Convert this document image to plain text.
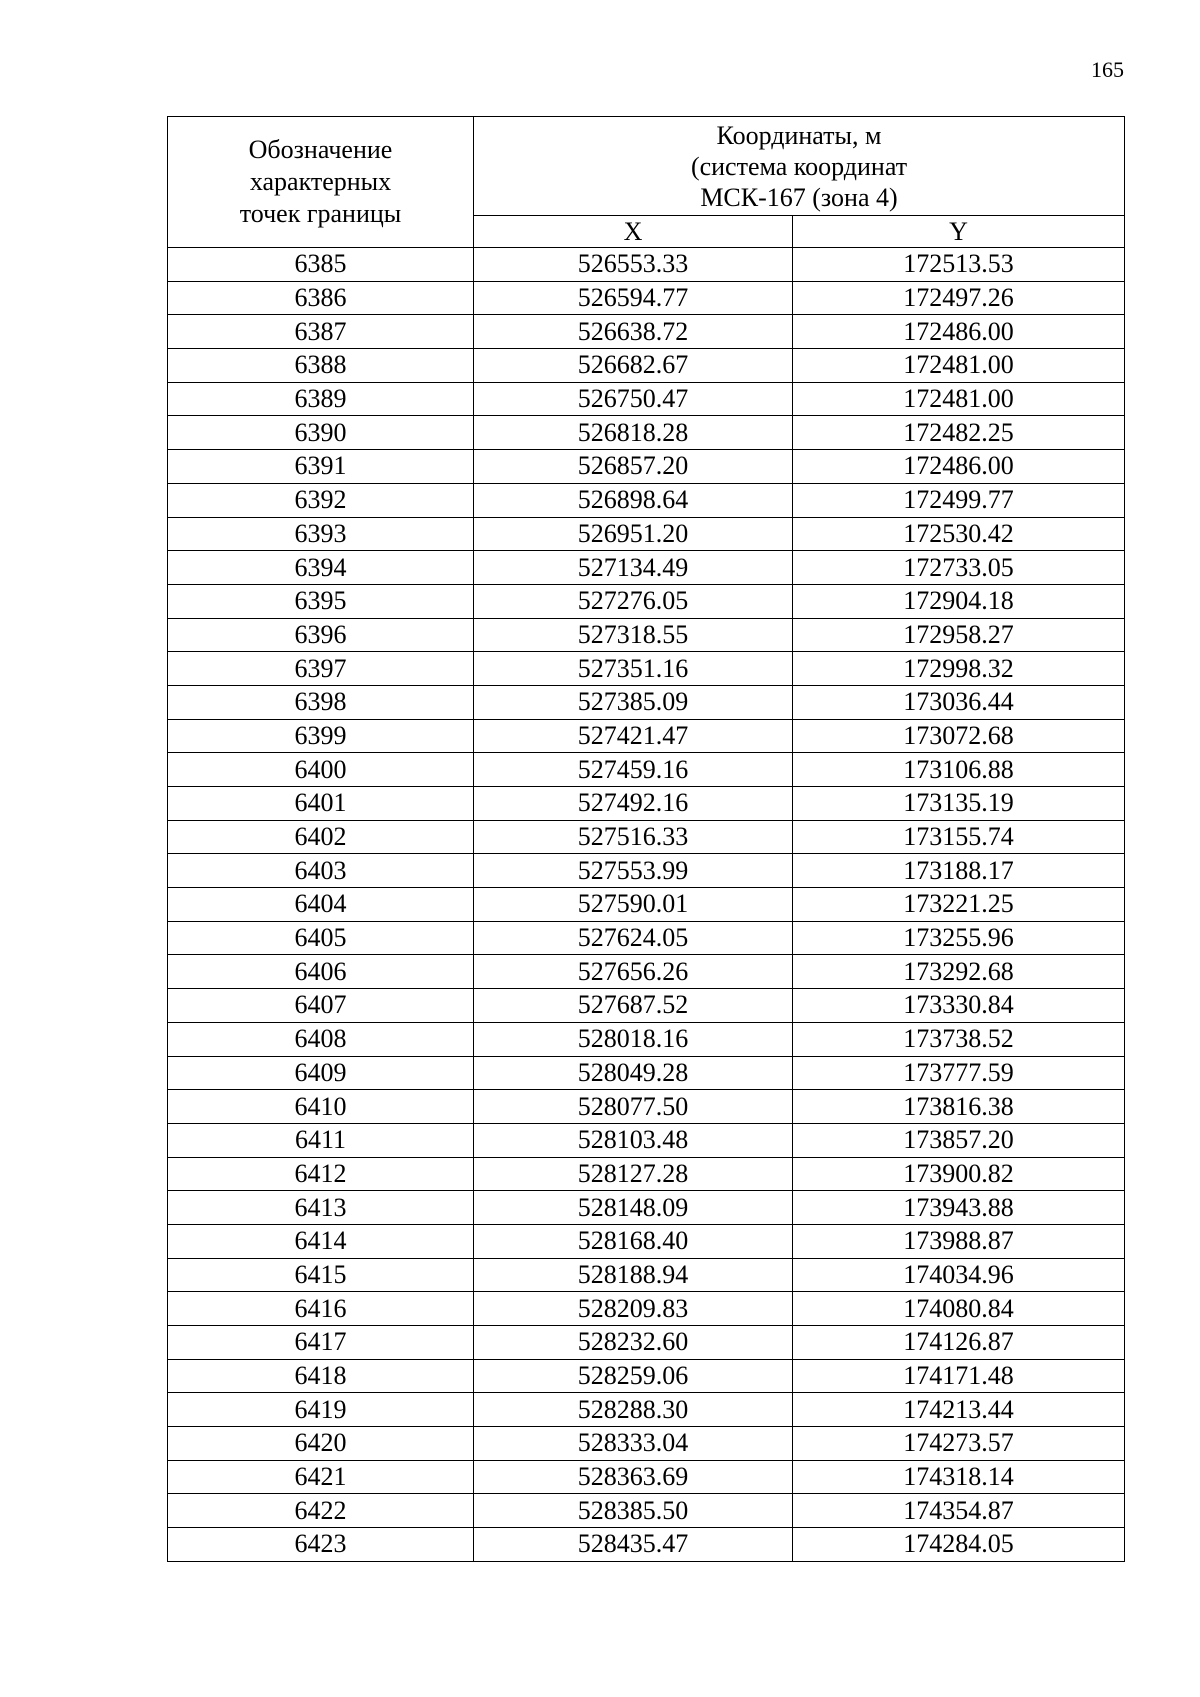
165
Обозначение
характерных
точек границы	Координаты, м
(система координат
МСК-167 (зона 4)	

	X	Y
6385	526553.33	172513.53
6386	526594.77	172497.26
6387	526638.72	172486.00
6388	526682.67	172481.00
6389	526750.47	172481.00
6390	526818.28	172482.25
6391	526857.20	172486.00
6392	526898.64	172499.77
6393	526951.20	172530.42
6394	527134.49	172733.05
6395	527276.05	172904.18
6396	527318.55	172958.27
6397	527351.16	172998.32
6398	527385.09	173036.44
6399	527421.47	173072.68
6400	527459.16	173106.88
6401	527492.16	173135.19
6402	527516.33	173155.74
6403	527553.99	173188.17
6404	527590.01	173221.25
6405	527624.05	173255.96
6406	527656.26	173292.68
6407	527687.52	173330.84
6408	528018.16	173738.52
6409	528049.28	173777.59
6410	528077.50	173816.38
6411	528103.48	173857.20
6412	528127.28	173900.82
6413	528148.09	173943.88
6414	528168.40	173988.87
6415	528188.94	174034.96
6416	528209.83	174080.84
6417	528232.60	174126.87
6418	528259.06	174171.48
6419	528288.30	174213.44
6420	528333.04	174273.57
6421	528363.69	174318.14
6422	528385.50	174354.87
6423	528435.47	174284.05
